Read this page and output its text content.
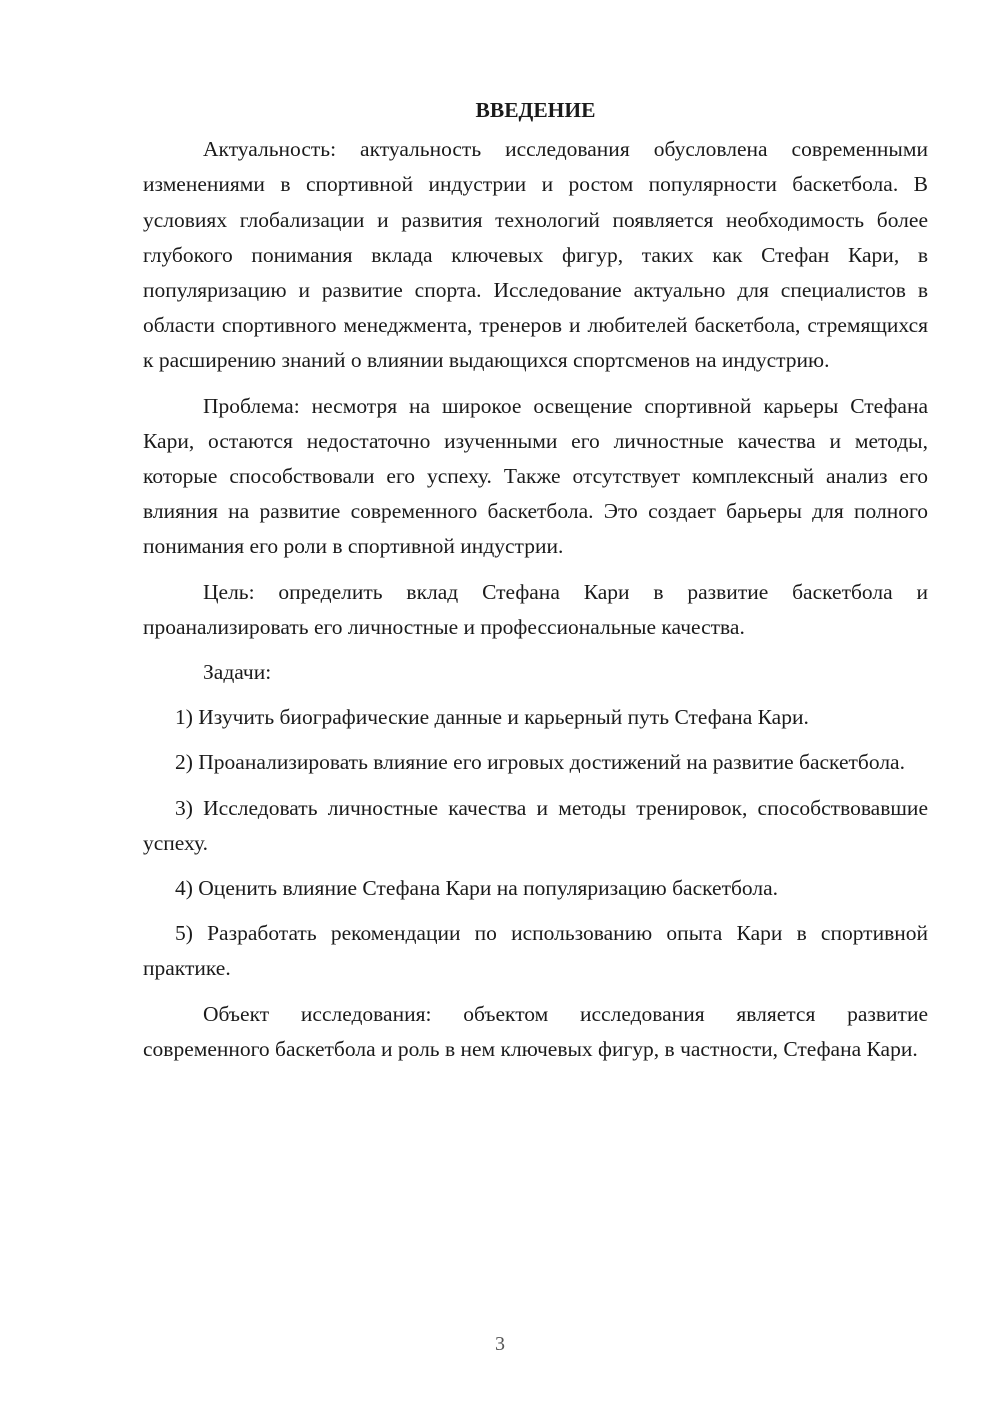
ВВЕДЕНИЕ

Актуальность: актуальность исследования обусловлена современными изменениями в спортивной индустрии и ростом популярности баскетбола. В условиях глобализации и развития технологий появляется необходимость более глубокого понимания вклада ключевых фигур, таких как Стефан Кари, в популяризацию и развитие спорта. Исследование актуально для специалистов в области спортивного менеджмента, тренеров и любителей баскетбола, стремящихся к расширению знаний о влиянии выдающихся спортсменов на индустрию.

Проблема: несмотря на широкое освещение спортивной карьеры Стефана Кари, остаются недостаточно изученными его личностные качества и методы, которые способствовали его успеху. Также отсутствует комплексный анализ его влияния на развитие современного баскетбола. Это создает барьеры для полного понимания его роли в спортивной индустрии.

Цель: определить вклад Стефана Кари в развитие баскетбола и проанализировать его личностные и профессиональные качества.

Задачи:

1) Изучить биографические данные и карьерный путь Стефана Кари.

2) Проанализировать влияние его игровых достижений на развитие баскетбола.

3) Исследовать личностные качества и методы тренировок, способствовавшие успеху.

4) Оценить влияние Стефана Кари на популяризацию баскетбола.

5) Разработать рекомендации по использованию опыта Кари в спортивной практике.

Объект исследования: объектом исследования является развитие современного баскетбола и роль в нем ключевых фигур, в частности, Стефана Кари.

3
